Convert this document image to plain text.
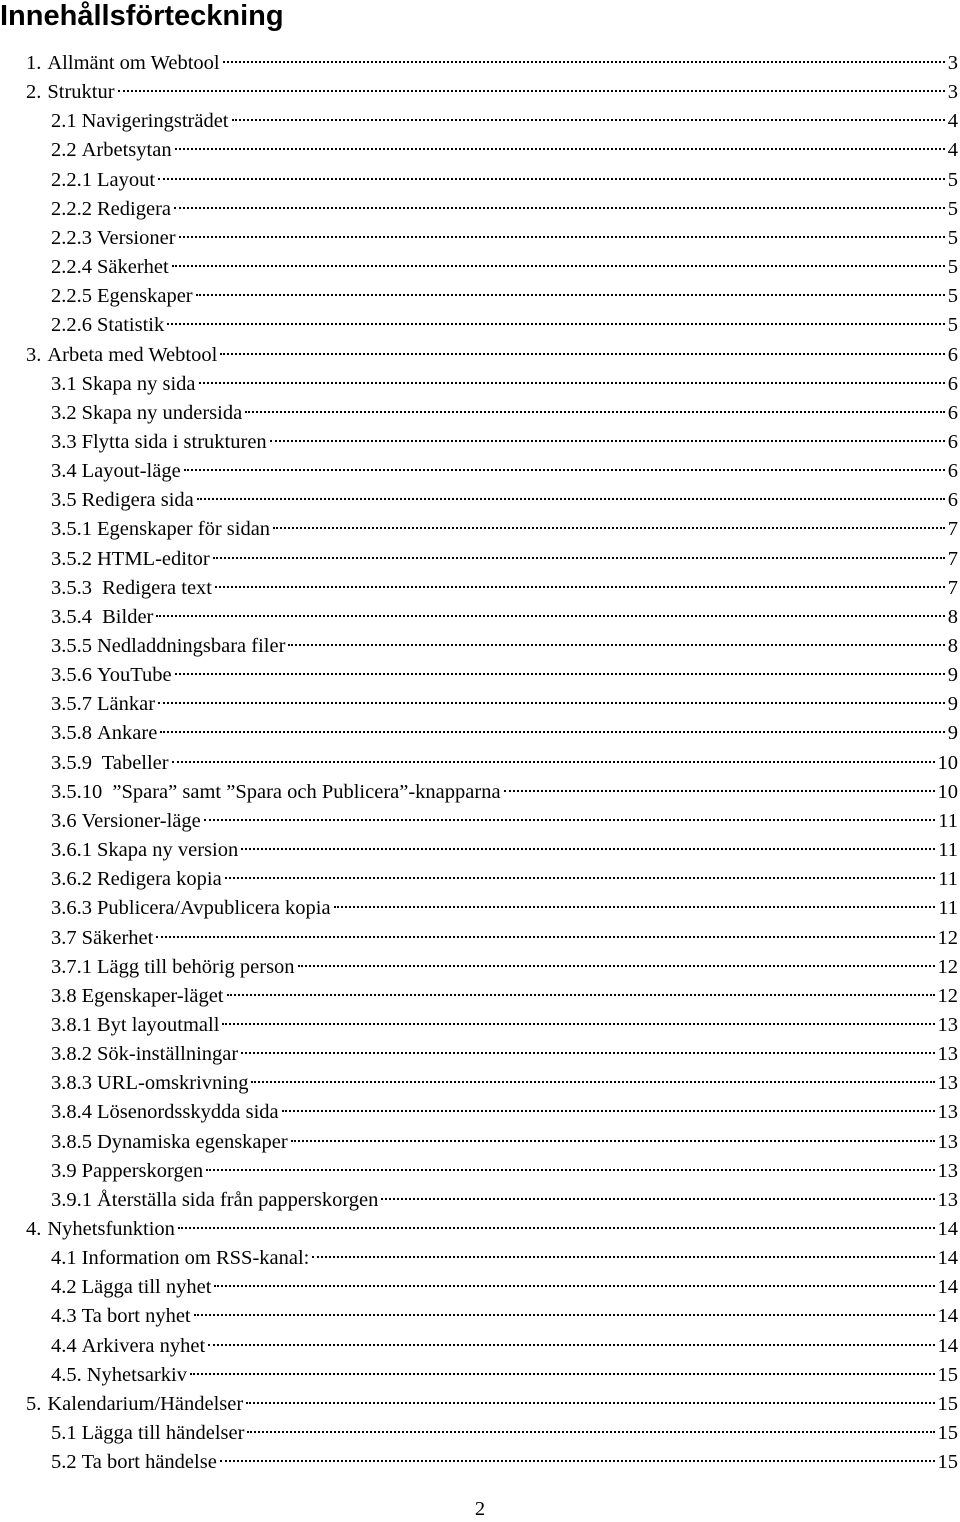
Innehållsförteckning
1. Allmänt om Webtool	3
2. Struktur	3
2.1 Navigeringsträdet	4
2.2 Arbetsytan	4
2.2.1 Layout	5
2.2.2 Redigera	5
2.2.3 Versioner	5
2.2.4 Säkerhet	5
2.2.5 Egenskaper	5
2.2.6 Statistik	5
3. Arbeta med Webtool	6
3.1 Skapa ny sida	6
3.2 Skapa ny undersida	6
3.3 Flytta sida i strukturen	6
3.4 Layout-läge	6
3.5 Redigera sida	6
3.5.1 Egenskaper för sidan	7
3.5.2 HTML-editor	7
3.5.3 Redigera text	7
3.5.4 Bilder	8
3.5.5 Nedladdningsbara filer	8
3.5.6 YouTube	9
3.5.7 Länkar	9
3.5.8 Ankare	9
3.5.9 Tabeller	10
3.5.10 ”Spara” samt ”Spara och Publicera”-knapparna	10
3.6 Versioner-läge	11
3.6.1 Skapa ny version	11
3.6.2 Redigera kopia	11
3.6.3 Publicera/Avpublicera kopia	11
3.7 Säkerhet	12
3.7.1 Lägg till behörig person	12
3.8 Egenskaper-läget	12
3.8.1 Byt layoutmall	13
3.8.2 Sök-inställningar	13
3.8.3 URL-omskrivning	13
3.8.4 Lösenordsskydda sida	13
3.8.5 Dynamiska egenskaper	13
3.9 Papperskorgen	13
3.9.1 Återställa sida från papperskorgen	13
4. Nyhetsfunktion	14
4.1 Information om RSS-kanal:	14
4.2 Lägga till nyhet	14
4.3 Ta bort nyhet	14
4.4 Arkivera nyhet	14
4.5. Nyhetsarkiv	15
5. Kalendarium/Händelser	15
5.1 Lägga till händelser	15
5.2 Ta bort händelse	15
2
